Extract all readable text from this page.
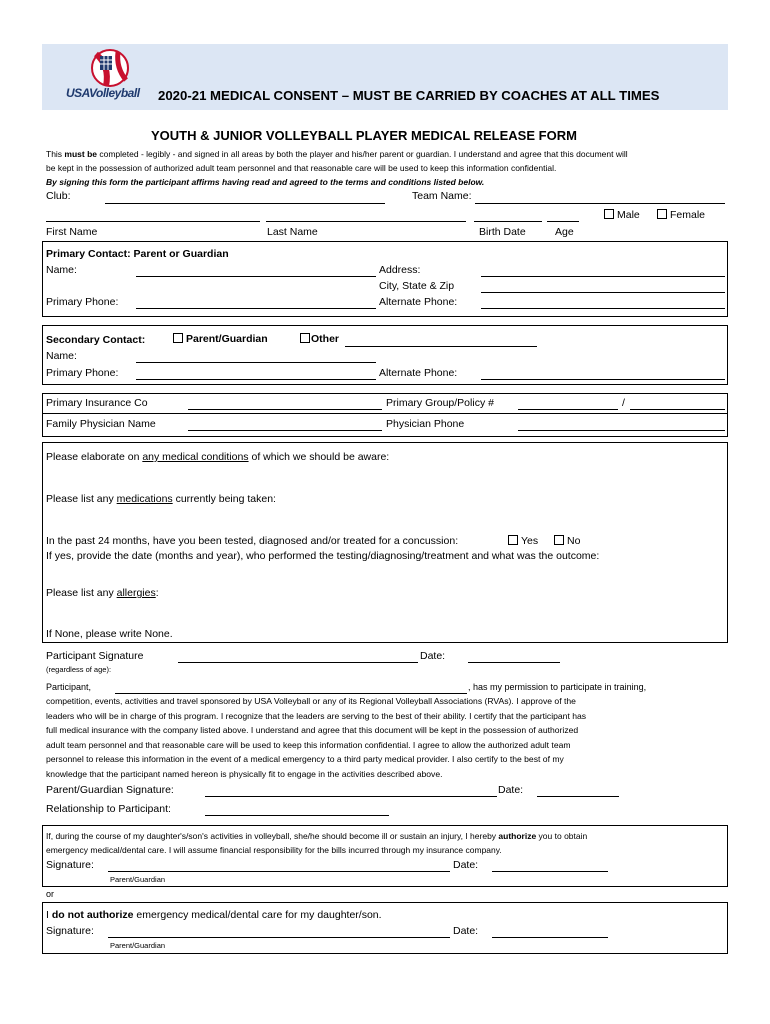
USAVolleyball 2020-21 MEDICAL CONSENT – MUST BE CARRIED BY COACHES AT ALL TIMES
YOUTH & JUNIOR VOLLEYBALL PLAYER MEDICAL RELEASE FORM
This must be completed - legibly - and signed in all areas by both the player and his/her parent or guardian. I understand and agree that this document will
be kept in the possession of authorized adult team personnel and that reasonable care will be used to keep this information confidential.
By signing this form the participant affirms having read and agreed to the terms and conditions listed below.
Club:	Team Name:
Male	Female
First Name	Last Name	Birth Date	Age
Primary Contact: Parent or Guardian
Name:	Address:
City, State & Zip
Primary Phone:	Alternate Phone:
Secondary Contact:	Parent/Guardian	Other
Name:
Primary Phone:	Alternate Phone:
Primary Insurance Co	Primary Group/Policy #	/
Family Physician Name	Physician Phone
Please elaborate on any medical conditions of which we should be aware:
Please list any medications currently being taken:
In the past 24 months, have you been tested, diagnosed and/or treated for a concussion:	Yes	No
If yes, provide the date (months and year), who performed the testing/diagnosing/treatment and what was the outcome:
Please list any allergies:
If None, please write None.
Participant Signature	Date:
(regardless of age):
Participant,	, has my permission to participate in training,
competition, events, activities and travel sponsored by USA Volleyball or any of its Regional Volleyball Associations (RVAs). I approve of the
leaders who will be in charge of this program. I recognize that the leaders are serving to the best of their ability. I certify that the participant has
full medical insurance with the company listed above. I understand and agree that this document will be kept in the possession of authorized
adult team personnel and that reasonable care will be used to keep this information confidential. I agree to allow the authorized adult team
personnel to release this information in the event of a medical emergency to a third party medical provider. I also certify to the best of my
knowledge that the participant named hereon is physically fit to engage in the activities described above.
Parent/Guardian Signature:	Date:
Relationship to Participant:
If, during the course of my daughter's/son's activities in volleyball, she/he should become ill or sustain an injury, I hereby authorize you to obtain
emergency medical/dental care. I will assume financial responsibility for the bills incurred through my insurance company.
Signature:	Date:
Parent/Guardian
or
I do not authorize emergency medical/dental care for my daughter/son.
Signature:	Date:
Parent/Guardian
